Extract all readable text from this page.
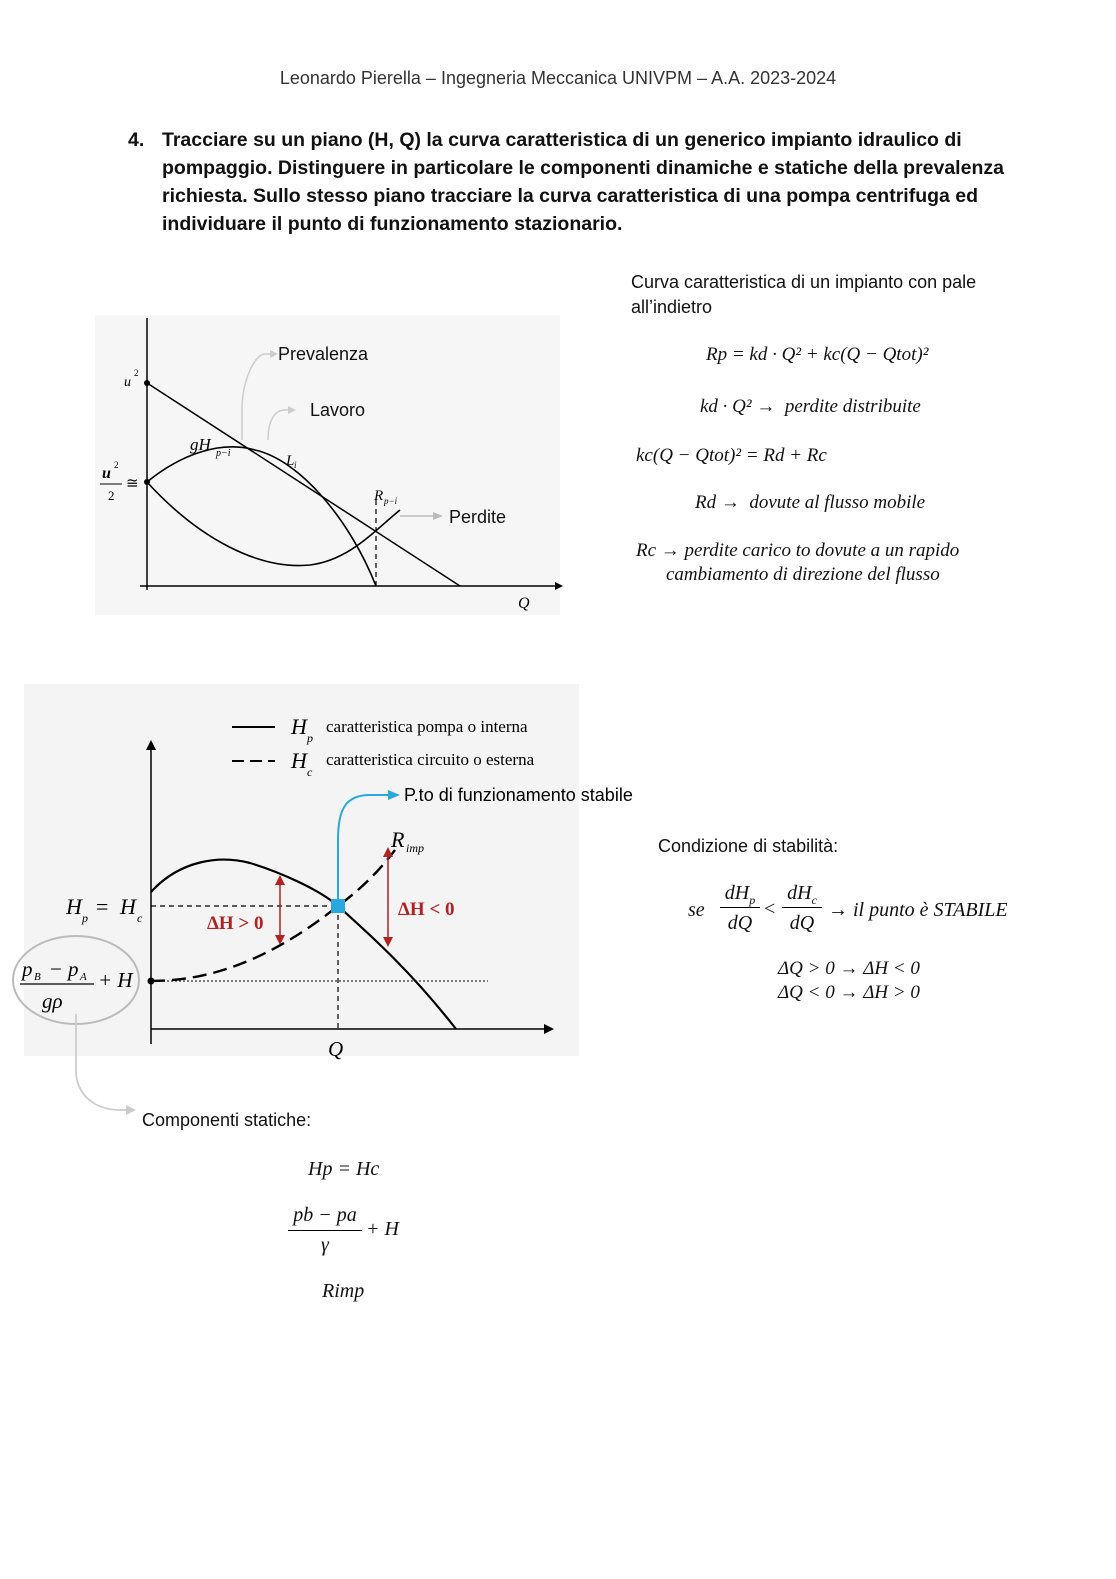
Leonardo Pierella – Ingegneria Meccanica UNIVPM – A.A. 2023-2024
4. Tracciare su un piano (H, Q) la curva caratteristica di un generico impianto idraulico di pompaggio. Distinguere in particolare le componenti dinamiche e statiche della prevalenza richiesta. Sullo stesso piano tracciare la curva caratteristica di una pompa centrifuga ed individuare il punto di funzionamento stazionario.
Prevalenza
Lavoro
Perdite
Q
gH p−i	L i
R p−i
u
2
u 2
2
≅
Curva caratteristica di un impianto con pale
all’indietro
Rp = kd · Q² + kc(Q − Qtot)²
kd · Q² → perdite distribuite
kc(Q − Qtot)² = Rd + Rc
Rd → dovute al flusso mobile
Rc → perdite carico to dovute a un rapido
cambiamento di direzione del flusso
H p
caratteristica pompa o interna
H c
caratteristica circuito o esterna
P.to di funzionamento stabile
R imp
ΔH > 0
ΔH < 0
H p = H c
Q
p B − p A
gρ
+ H
Condizione di stabilità:
se
$dH_p$
dQ
<
$dH_c$
dQ
→ il punto è STABILE
ΔQ > 0 → ΔH < 0
ΔQ < 0 → ΔH > 0
Componenti statiche:
Hp = Hc
pb − pa
γ
+ H
Rimp
